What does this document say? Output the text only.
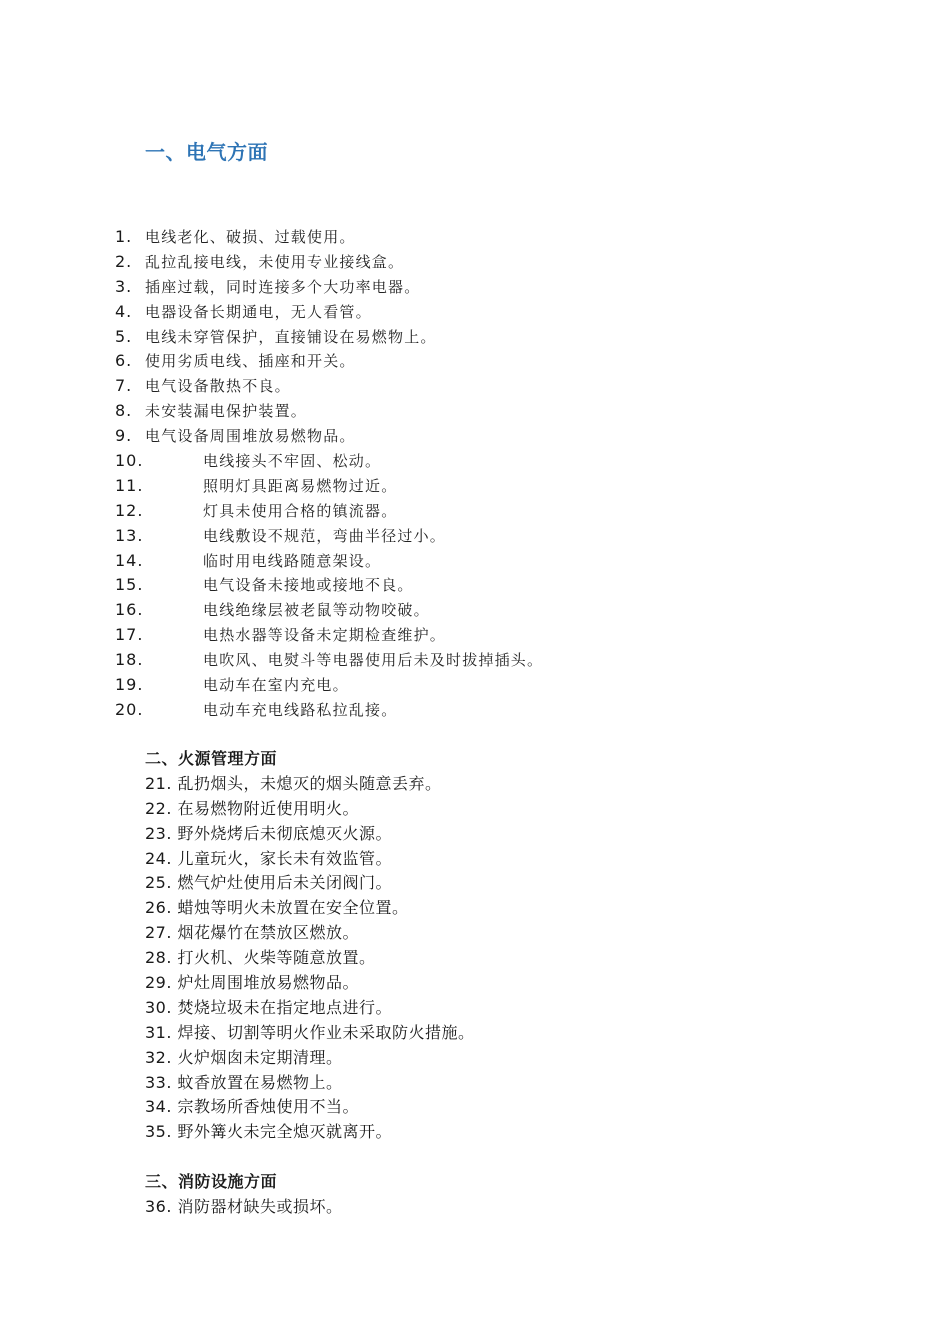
一、电气方面
1. 电线老化、破损、过载使用。
2. 乱拉乱接电线，未使用专业接线盒。
3. 插座过载，同时连接多个大功率电器。
4. 电器设备长期通电，无人看管。
5. 电线未穿管保护，直接铺设在易燃物上。
6. 使用劣质电线、插座和开关。
7. 电气设备散热不良。
8. 未安装漏电保护装置。
9. 电气设备周围堆放易燃物品。
10.	电线接头不牢固、松动。
11.	照明灯具距离易燃物过近。
12.	灯具未使用合格的镇流器。
13.	电线敷设不规范，弯曲半径过小。
14.	临时用电线路随意架设。
15.	电气设备未接地或接地不良。
16.	电线绝缘层被老鼠等动物咬破。
17.	电热水器等设备未定期检查维护。
18.	电吹风、电熨斗等电器使用后未及时拔掉插头。
19.	电动车在室内充电。
20.	电动车充电线路私拉乱接。
二、火源管理方面
21. 乱扔烟头，未熄灭的烟头随意丢弃。
22. 在易燃物附近使用明火。
23. 野外烧烤后未彻底熄灭火源。
24. 儿童玩火，家长未有效监管。
25. 燃气炉灶使用后未关闭阀门。
26. 蜡烛等明火未放置在安全位置。
27. 烟花爆竹在禁放区燃放。
28. 打火机、火柴等随意放置。
29. 炉灶周围堆放易燃物品。
30. 焚烧垃圾未在指定地点进行。
31. 焊接、切割等明火作业未采取防火措施。
32. 火炉烟囱未定期清理。
33. 蚊香放置在易燃物上。
34. 宗教场所香烛使用不当。
35. 野外篝火未完全熄灭就离开。
三、消防设施方面
36. 消防器材缺失或损坏。
